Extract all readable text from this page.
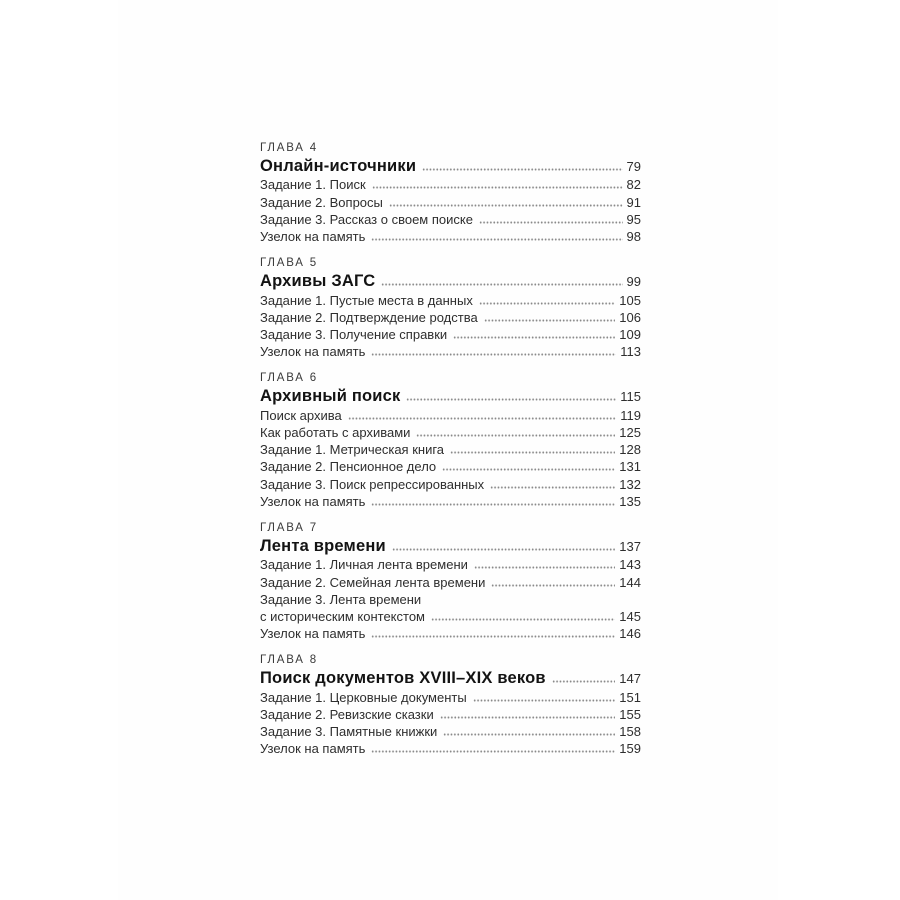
ГЛАВА 4
Онлайн-источники	79
Задание 1. Поиск	82
Задание 2. Вопросы	91
Задание 3. Рассказ о своем поиске	95
Узелок на память	98
ГЛАВА 5
Архивы ЗАГС	99
Задание 1. Пустые места в данных	105
Задание 2. Подтверждение родства	106
Задание 3. Получение справки	109
Узелок на память	113
ГЛАВА 6
Архивный поиск	115
Поиск архива	119
Как работать с архивами	125
Задание 1. Метрическая книга	128
Задание 2. Пенсионное дело	131
Задание 3. Поиск репрессированных	132
Узелок на память	135
ГЛАВА 7
Лента времени	137
Задание 1. Личная лента времени	143
Задание 2. Семейная лента времени	144
Задание 3. Лента времени
с историческим контекстом	145
Узелок на память	146
ГЛАВА 8
Поиск документов XVIII–XIX веков	147
Задание 1. Церковные документы	151
Задание 2. Ревизские сказки	155
Задание 3. Памятные книжки	158
Узелок на память	159
